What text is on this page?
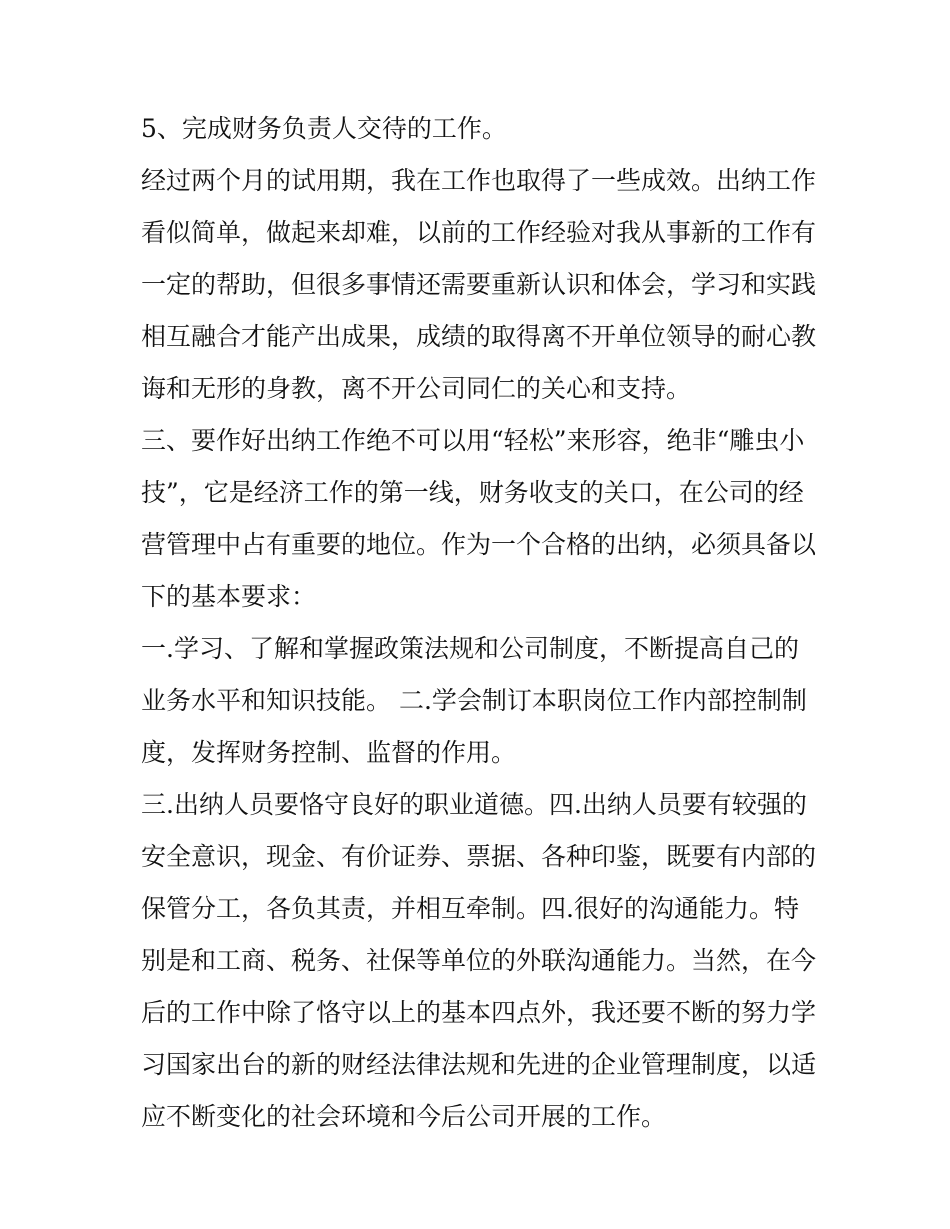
5、完成财务负责人交待的工作。
经过两个月的试用期，我在工作也取得了一些成效。出纳工作
看似简单，做起来却难，以前的工作经验对我从事新的工作有
一定的帮助，但很多事情还需要重新认识和体会，学习和实践
相互融合才能产出成果，成绩的取得离不开单位领导的耐心教
诲和无形的身教，离不开公司同仁的关心和支持。
三、要作好出纳工作绝不可以用“轻松”来形容，绝非“雕虫小
技”，它是经济工作的第一线，财务收支的关口，在公司的经
营管理中占有重要的地位。作为一个合格的出纳，必须具备以
下的基本要求：
一.学习、了解和掌握政策法规和公司制度，不断提高自己的
业务水平和知识技能。 二.学会制订本职岗位工作内部控制制
度，发挥财务控制、监督的作用。
三.出纳人员要恪守良好的职业道德。四.出纳人员要有较强的
安全意识，现金、有价证券、票据、各种印鉴，既要有内部的
保管分工，各负其责，并相互牵制。四.很好的沟通能力。特
别是和工商、税务、社保等单位的外联沟通能力。当然，在今
后的工作中除了恪守以上的基本四点外，我还要不断的努力学
习国家出台的新的财经法律法规和先进的企业管理制度，以适
应不断变化的社会环境和今后公司开展的工作。
